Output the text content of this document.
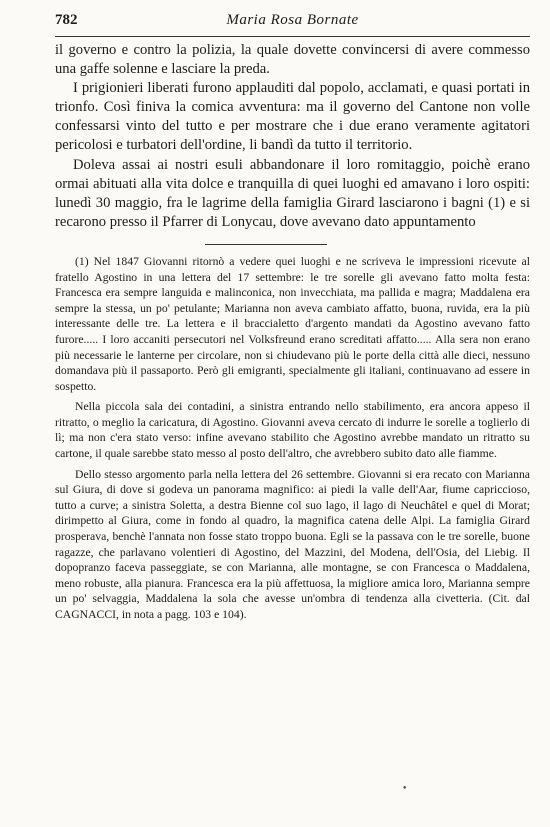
782	Maria Rosa Bornate

il governo e contro la polizia, la quale dovette convincersi di avere commesso una gaffe solenne e lasciare la preda.

I prigionieri liberati furono applauditi dal popolo, acclamati, e quasi portati in trionfo. Così finiva la comica avventura: ma il governo del Cantone non volle confessarsi vinto del tutto e per mostrare che i due erano veramente agitatori pericolosi e turbatori dell'ordine, li bandì da tutto il territorio.

Doleva assai ai nostri esuli abbandonare il loro romitaggio, poichè erano ormai abituati alla vita dolce e tranquilla di quei luoghi ed amavano i loro ospiti: lunedì 30 maggio, fra le lagrime della famiglia Girard lasciarono i bagni (1) e si recarono presso il Pfarrer di Lonycau, dove avevano dato appuntamento

(1) Nel 1847 Giovanni ritornò a vedere quei luoghi e ne scriveva le impressioni ricevute al fratello Agostino in una lettera del 17 settembre: le tre sorelle gli avevano fatto molta festa: Francesca era sempre languida e malinconica, non invecchiata, ma pallida e magra; Maddalena era sempre la stessa, un po' petulante; Marianna non aveva cambiato affatto, buona, ruvida, era la più interessante delle tre. La lettera e il braccialetto d'argento mandati da Agostino avevano fatto furore..... I loro accaniti persecutori nel Volksfreund erano screditati affatto..... Alla sera non erano più necessarie le lanterne per circolare, non si chiudevano più le porte della città alle dieci, nessuno domandava più il passaporto. Però gli emigranti, specialmente gli italiani, continuavano ad essere in sospetto.

Nella piccola sala dei contadini, a sinistra entrando nello stabilimento, era ancora appeso il ritratto, o meglio la caricatura, di Agostino. Giovanni aveva cercato di indurre le sorelle a toglierlo di lì; ma non c'era stato verso: infine avevano stabilito che Agostino avrebbe mandato un ritratto su cartone, il quale sarebbe stato messo al posto dell'altro, che avrebbero subito dato alle fiamme.

Dello stesso argomento parla nella lettera del 26 settembre. Giovanni si era recato con Marianna sul Giura, di dove si godeva un panorama magnifico: ai piedi la valle dell'Aar, fiume capriccioso, tutto a curve; a sinistra Soletta, a destra Bienne col suo lago, il lago di Neuchâtel e quel di Morat; dirimpetto al Giura, come in fondo al quadro, la magnifica catena delle Alpi. La famiglia Girard prosperava, benchè l'annata non fosse stato troppo buona. Egli se la passava con le tre sorelle, buone ragazze, che parlavano volentieri di Agostino, del Mazzini, del Modena, dell'Osia, del Liebig. Il dopopranzo faceva passeggiate, se con Marianna, alle montagne, se con Francesca o Maddalena, meno robuste, alla pianura. Francesca era la più affettuosa, la migliore amica loro, Marianna sempre un po' selvaggia, Maddalena la sola che avesse un'ombra di tendenza alla civetteria. (Cit. dal CAGNACCI, in nota a pagg. 103 e 104).

•
